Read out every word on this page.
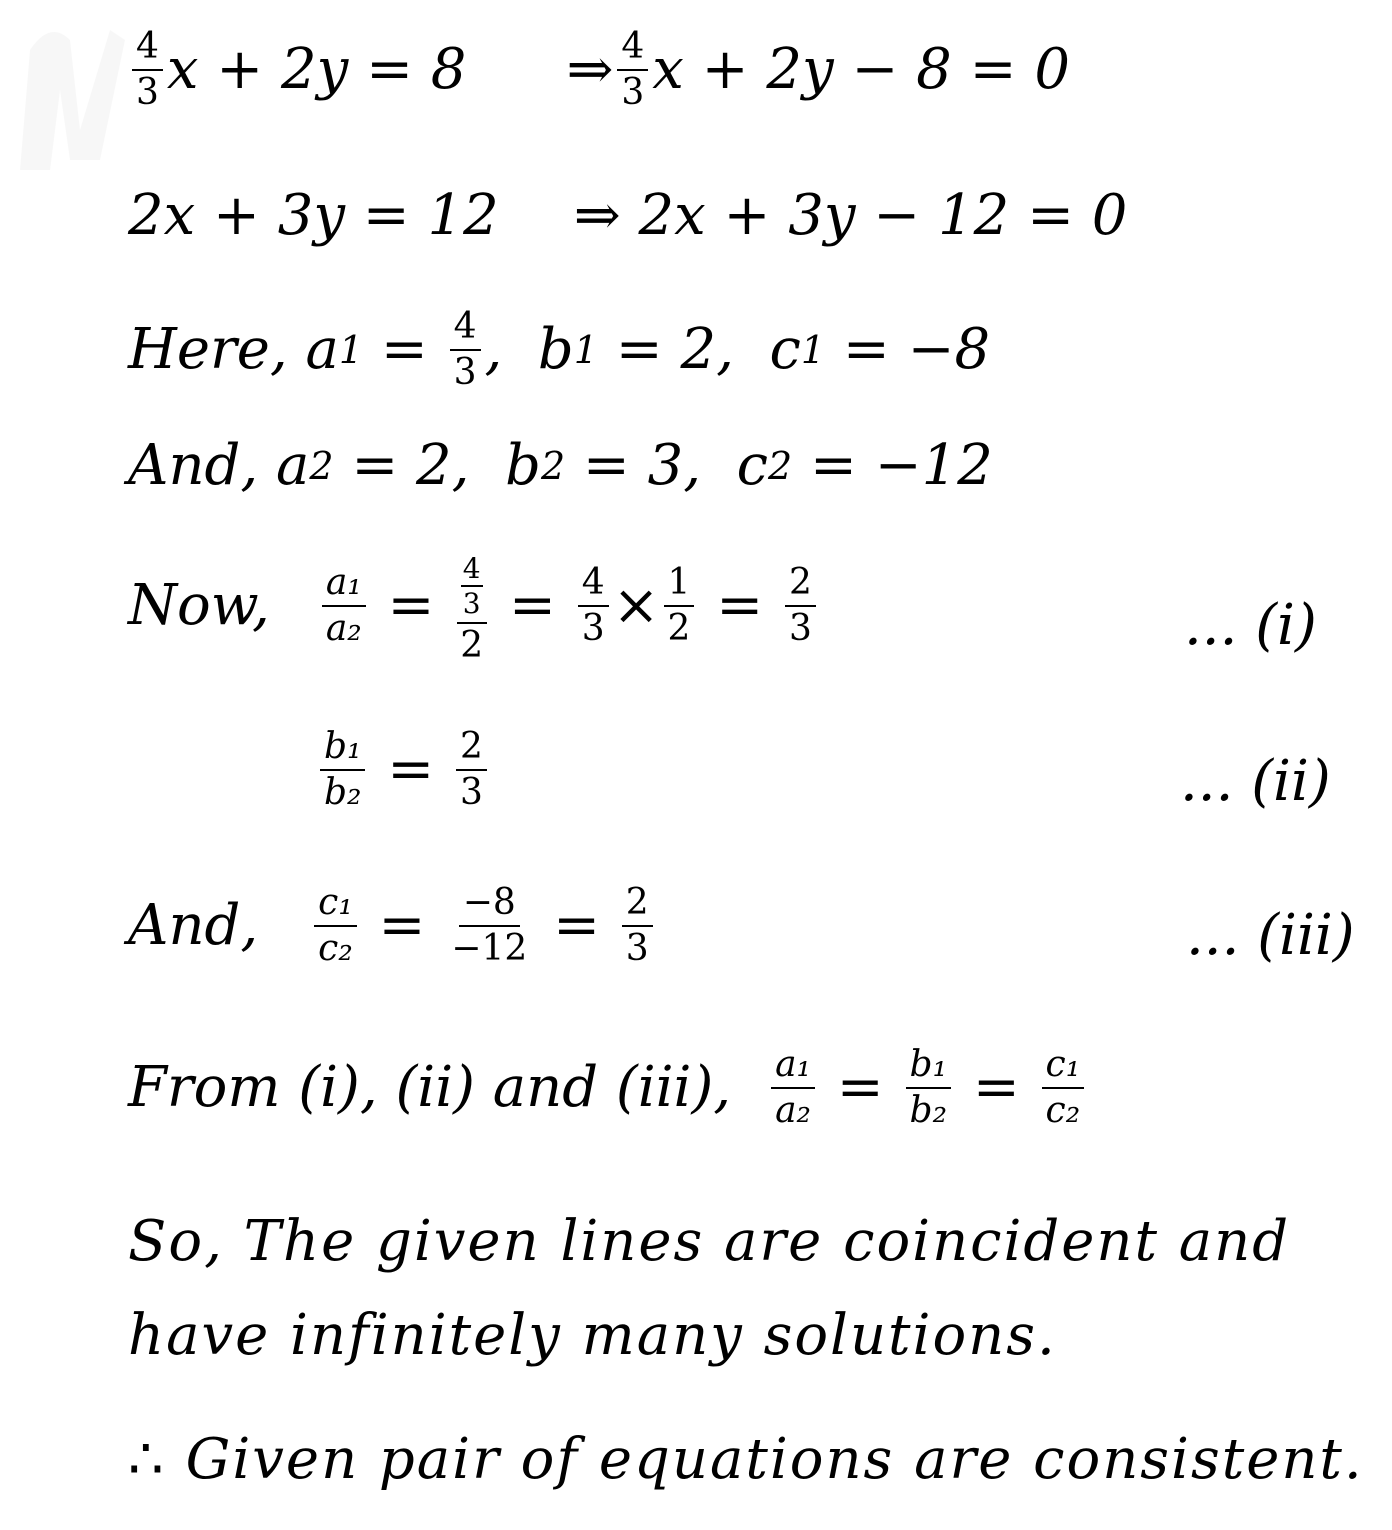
$\frac{4}{3}$ x + 2y = 8 ⇒ $\frac{4}{3}$ x + 2y − 8 = 0
2x + 3y = 12 ⇒ 2x + 3y − 12 = 0
Here, a $1 = \frac{4}{3}$ ,  b 1 = 2,  c 1 = −8
And, a 2 = 2,  b 2 = 3,  c 2 = −12
Now, $\frac{\text{a₁}}{\text{a₂}} = \frac{\frac{4}{3}}{2} = \frac{4}{3} \times \frac{1}{2} = \frac{2}{3}$	... (i)
$\frac{\text{b₁}}{\text{b₂}} = \frac{2}{3}$	... (ii)
And, $\frac{\text{c₁}}{\text{c₂}} = \frac{-8}{-12} = \frac{2}{3}$	... (iii)
From (i), (ii) and (iii), $\frac{\text{a₁}}{\text{a₂}} = \frac{\text{b₁}}{\text{b₂}} = \frac{\text{c₁}}{\text{c₂}}$
So, The given lines are coincident and
have infinitely many solutions.
∴ Given pair of equations are consistent.
